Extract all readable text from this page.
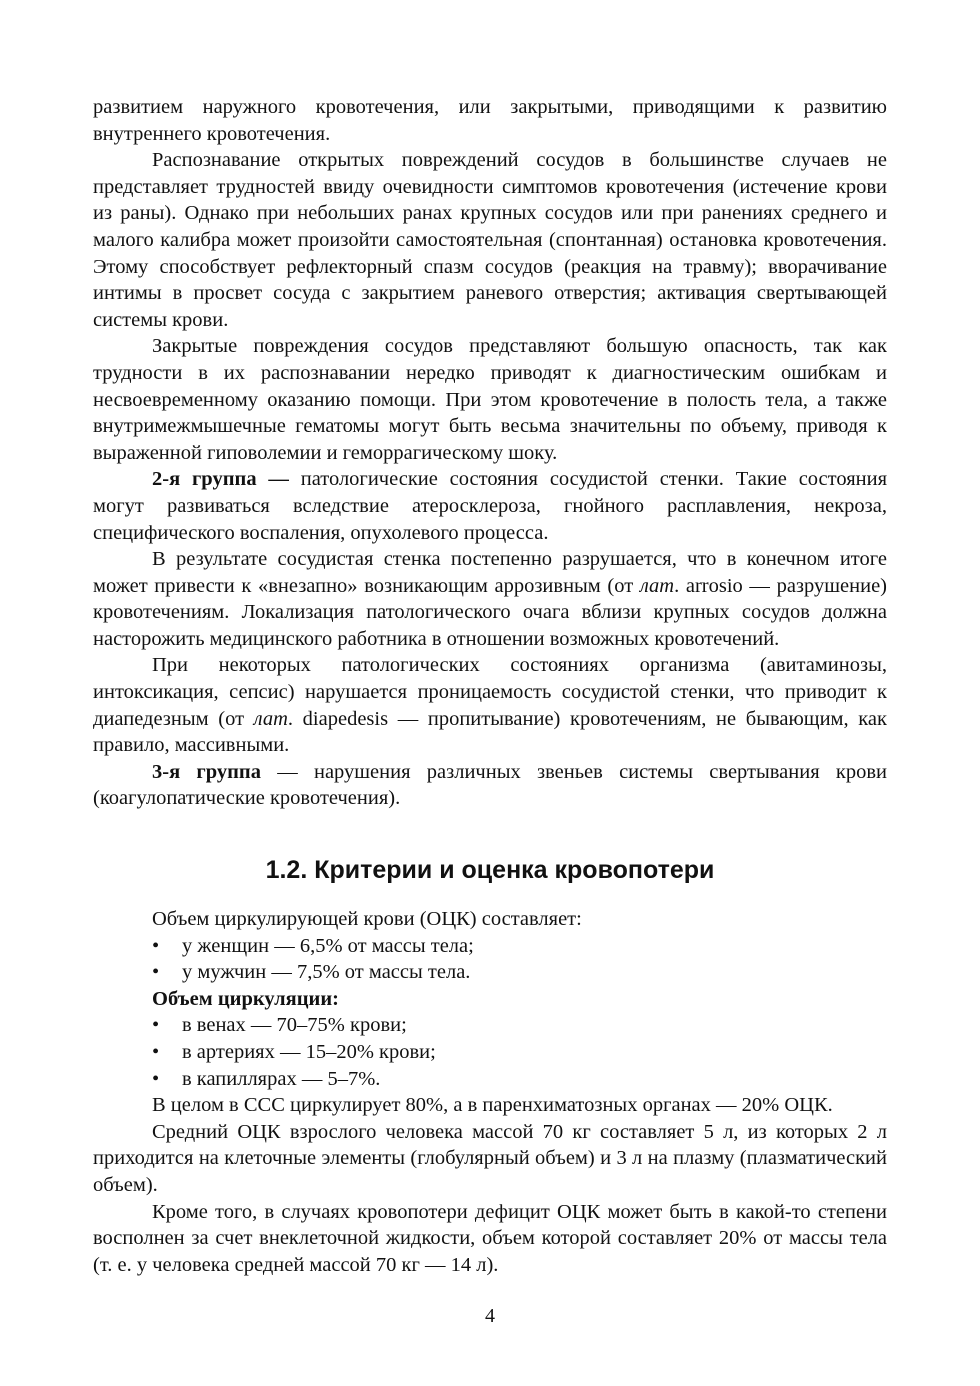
развитием наружного кровотечения, или закрытыми, приводящими к развитию внутреннего кровотечения.

Распознавание открытых повреждений сосудов в большинстве случаев не представляет трудностей ввиду очевидности симптомов кровотечения (истечение крови из раны). Однако при небольших ранах крупных сосудов или при ранениях среднего и малого калибра может произойти самостоятельная (спонтанная) остановка кровотечения. Этому способствует рефлекторный спазм сосудов (реакция на травму); вворачивание интимы в просвет сосуда с закрытием раневого отверстия; активация свертывающей системы крови.

Закрытые повреждения сосудов представляют большую опасность, так как трудности в их распознавании нередко приводят к диагностическим ошибкам и несвоевременному оказанию помощи. При этом кровотечение в полость тела, а также внутримежмышечные гематомы могут быть весьма значительны по объему, приводя к выраженной гиповолемии и геморрагическому шоку.

2-я группа — патологические состояния сосудистой стенки. Такие состояния могут развиваться вследствие атеросклероза, гнойного расплавления, некроза, специфического воспаления, опухолевого процесса.

В результате сосудистая стенка постепенно разрушается, что в конечном итоге может привести к «внезапно» возникающим аррозивным (от лат. arrosio — разрушение) кровотечениям. Локализация патологического очага вблизи крупных сосудов должна насторожить медицинского работника в отношении возможных кровотечений.

При некоторых патологических состояниях организма (авитаминозы, интоксикация, сепсис) нарушается проницаемость сосудистой стенки, что приводит к диапедезным (от лат. diapedesis — пропитывание) кровотечениям, не бывающим, как правило, массивными.

3-я группа — нарушения различных звеньев системы свертывания крови (коагулопатические кровотечения).

1.2. Критерии и оценка кровопотери

Объем циркулирующей крови (ОЦК) составляет:

• у женщин — 6,5% от массы тела;
• у мужчин — 7,5% от массы тела.

Объем циркуляции:

• в венах — 70–75% крови;
• в артериях — 15–20% крови;
• в капиллярах — 5–7%.

В целом в ССС циркулирует 80%, а в паренхиматозных органах — 20% ОЦК.

Средний ОЦК взрослого человека массой 70 кг составляет 5 л, из которых 2 л приходится на клеточные элементы (глобулярный объем) и 3 л на плазму (плазматический объем).

Кроме того, в случаях кровопотери дефицит ОЦК может быть в какой-то степени восполнен за счет внеклеточной жидкости, объем которой составляет 20% от массы тела (т. е. у человека средней массой 70 кг — 14 л).

4
